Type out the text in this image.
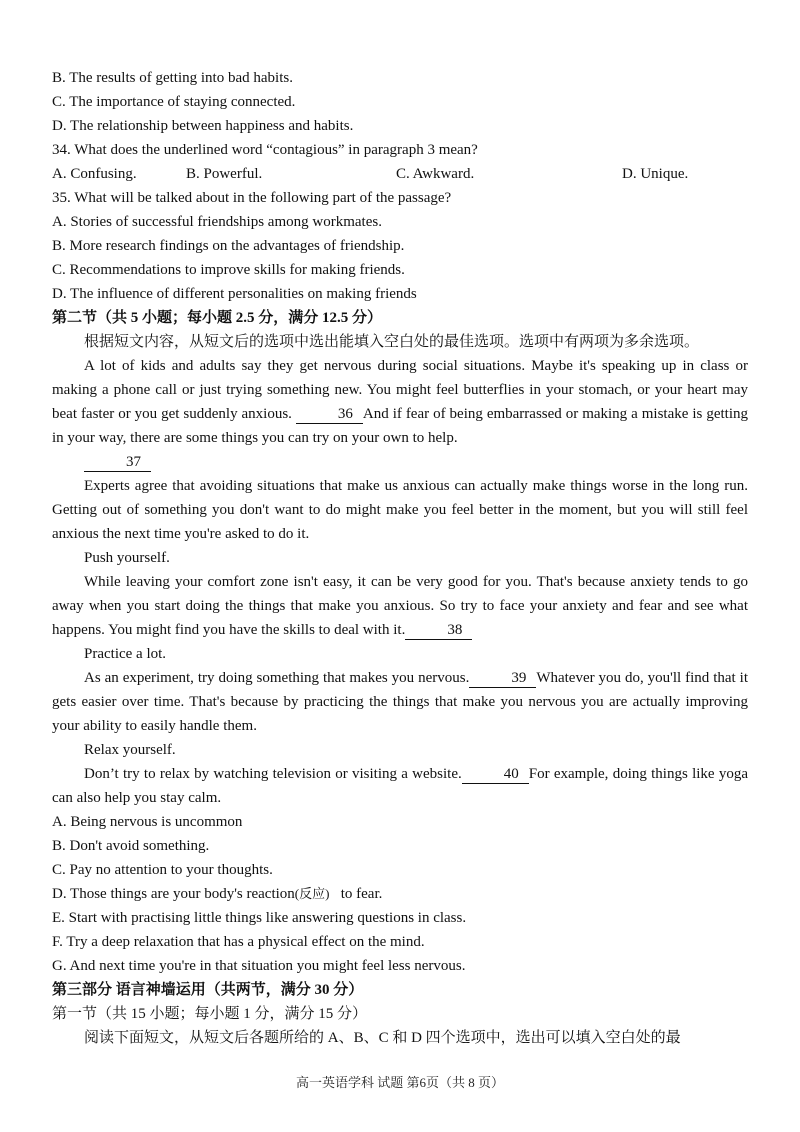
B. The results of getting into bad habits.
C. The importance of staying connected.
D. The relationship between happiness and habits.
34. What does the underlined word “contagious” in paragraph 3 mean?
A. Confusing.	B. Powerful.	C. Awkward.	D. Unique.
35. What will be talked about in the following part of the passage?
A. Stories of successful friendships among workmates.
B. More research findings on the advantages of friendship.
C. Recommendations to improve skills for making friends.
D. The influence of different personalities on making friends
第二节（共 5 小题；每小题 2.5 分，满分 12.5 分）
根据短文内容，从短文后的选项中选出能填入空白处的最佳选项。选项中有两项为多余选项。
A lot of kids and adults say they get nervous during social situations. Maybe it's speaking up in class or making a phone call or just trying something new. You might feel butterflies in your stomach, or your heart may beat faster or you get suddenly anxious.	36 And if fear of being embarrassed or making a mistake is getting in your way, there are some things you can try on your own to help.
37
Experts agree that avoiding situations that make us anxious can actually make things worse in the long run. Getting out of something you don't want to do might make you feel better in the moment, but you will still feel anxious the next time you're asked to do it.
Push yourself.
While leaving your comfort zone isn't easy, it can be very good for you. That's because anxiety tends to go away when you start doing the things that make you anxious. So try to face your anxiety and fear and see what happens. You might find you have the skills to deal with it.	38
Practice a lot.
As an experiment, try doing something that makes you nervous.	39 Whatever you do, you'll find that it gets easier over time. That's because by practicing the things that make you nervous you are actually improving your ability to easily handle them.
Relax yourself.
Don’t try to relax by watching television or visiting a website.	40 For example, doing things like yoga can also help you stay calm.
A. Being nervous is uncommon
B. Don't avoid something.
C. Pay no attention to your thoughts.
D. Those things are your body's reaction(反应) to fear.
E. Start with practising little things like answering questions in class.
F. Try a deep relaxation that has a physical effect on the mind.
G. And next time you're in that situation you might feel less nervous.
第三部分 语言神墙运用（共两节，满分 30 分）
第一节（共 15 小题；每小题 1 分，满分 15 分）
阅读下面短文，从短文后各题所给的 A、B、C 和 D 四个选项中，选出可以填入空白处的最
高一英语学科 试题 第6页（共 8 页）
